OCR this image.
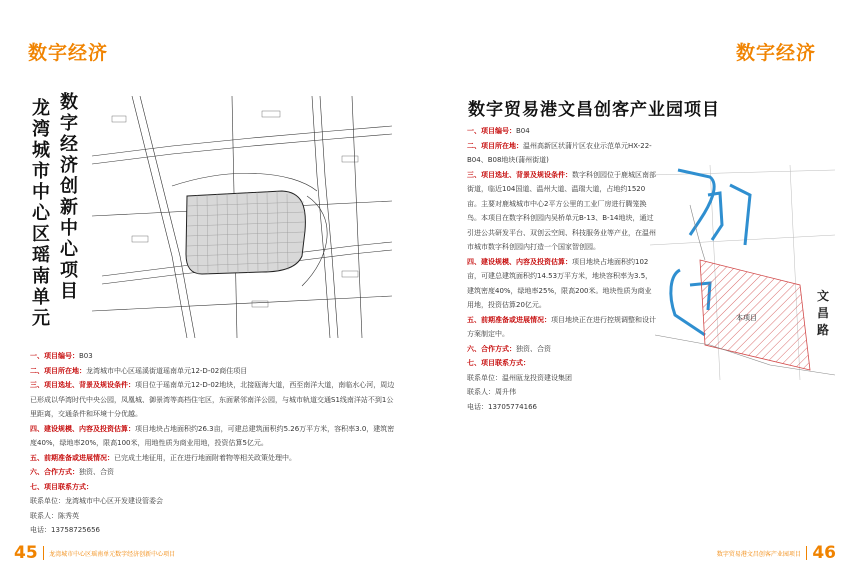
数字经济
数字经济创新中心项目
龙湾城市中心区瑶南单元

一、项目编号：B03

二、项目所在地：龙湾城市中心区瑶溪街道瑶南单元12-D-02商住项目

三、项目选址、背景及规设条件：项目位于瑶南单元12-D-02地块，北接瓯海大道，西至南洋大道，南临水心河，周边已形成以华湾时代中央公园，凤凰城、御景湾等高档住宅区，东面紧邻南洋公园，与城市轨道交通S1线南洋站不到1公里距离，交通条件和环境十分优越。

四、建设规模、内容及投资估算：项目地块占地面积约26.3亩，可建总建筑面积约5.26万平方米，容积率3.0，建筑密度40%，绿地率20%，限高100米，用地性质为商业用地，投资估算5亿元。

五、前期准备或进展情况：已完成土地征用，正在进行地面附着物等相关政策处理中。

六、合作方式：独资、合资

七、项目联系方式：

联系单位：龙湾城市中心区开发建设管委会

联系人：陈秀英

电话：13758725656

45 龙湾城市中心区瑶南单元数字经济创新中心项目
数字经济
数字贸易港文昌创客产业园项目

一、项目编号：B04

二、项目所在地：温州高新区状蒲片区农业示范单元HX-22-B04、B08地块(蒲州街道)

三、项目选址、背景及规设条件：数字科创园位于鹿城区南部街道，临近104国道、温州大道、温瑞大道，占地约1520亩。主要对鹿城城市中心2平方公里的工业厂房进行腾笼换鸟。本项目在数字科创园内吴桥单元B-13、B-14地块，通过引进公共研发平台、双创云空间、科技服务业等产业，在温州市城市数字科创园内打造一个国家智创园。

四、建设规模、内容及投资估算：项目地块占地面积约102亩，可建总建筑面积约14.53万平方米，地块容积率为3.5，建筑密度40%，绿地率25%，限高200米。地块性质为商业用地，投资估算20亿元。

五、前期准备或进展情况：项目地块正在进行控规调整和设计方案制定中。

六、合作方式：独资、合资

七、项目联系方式：

联系单位：温州瓯龙投资建设集团

联系人：周升伟

电话：13705774166

本项目
文昌路
数字贸易港文昌创客产业园项目 46
